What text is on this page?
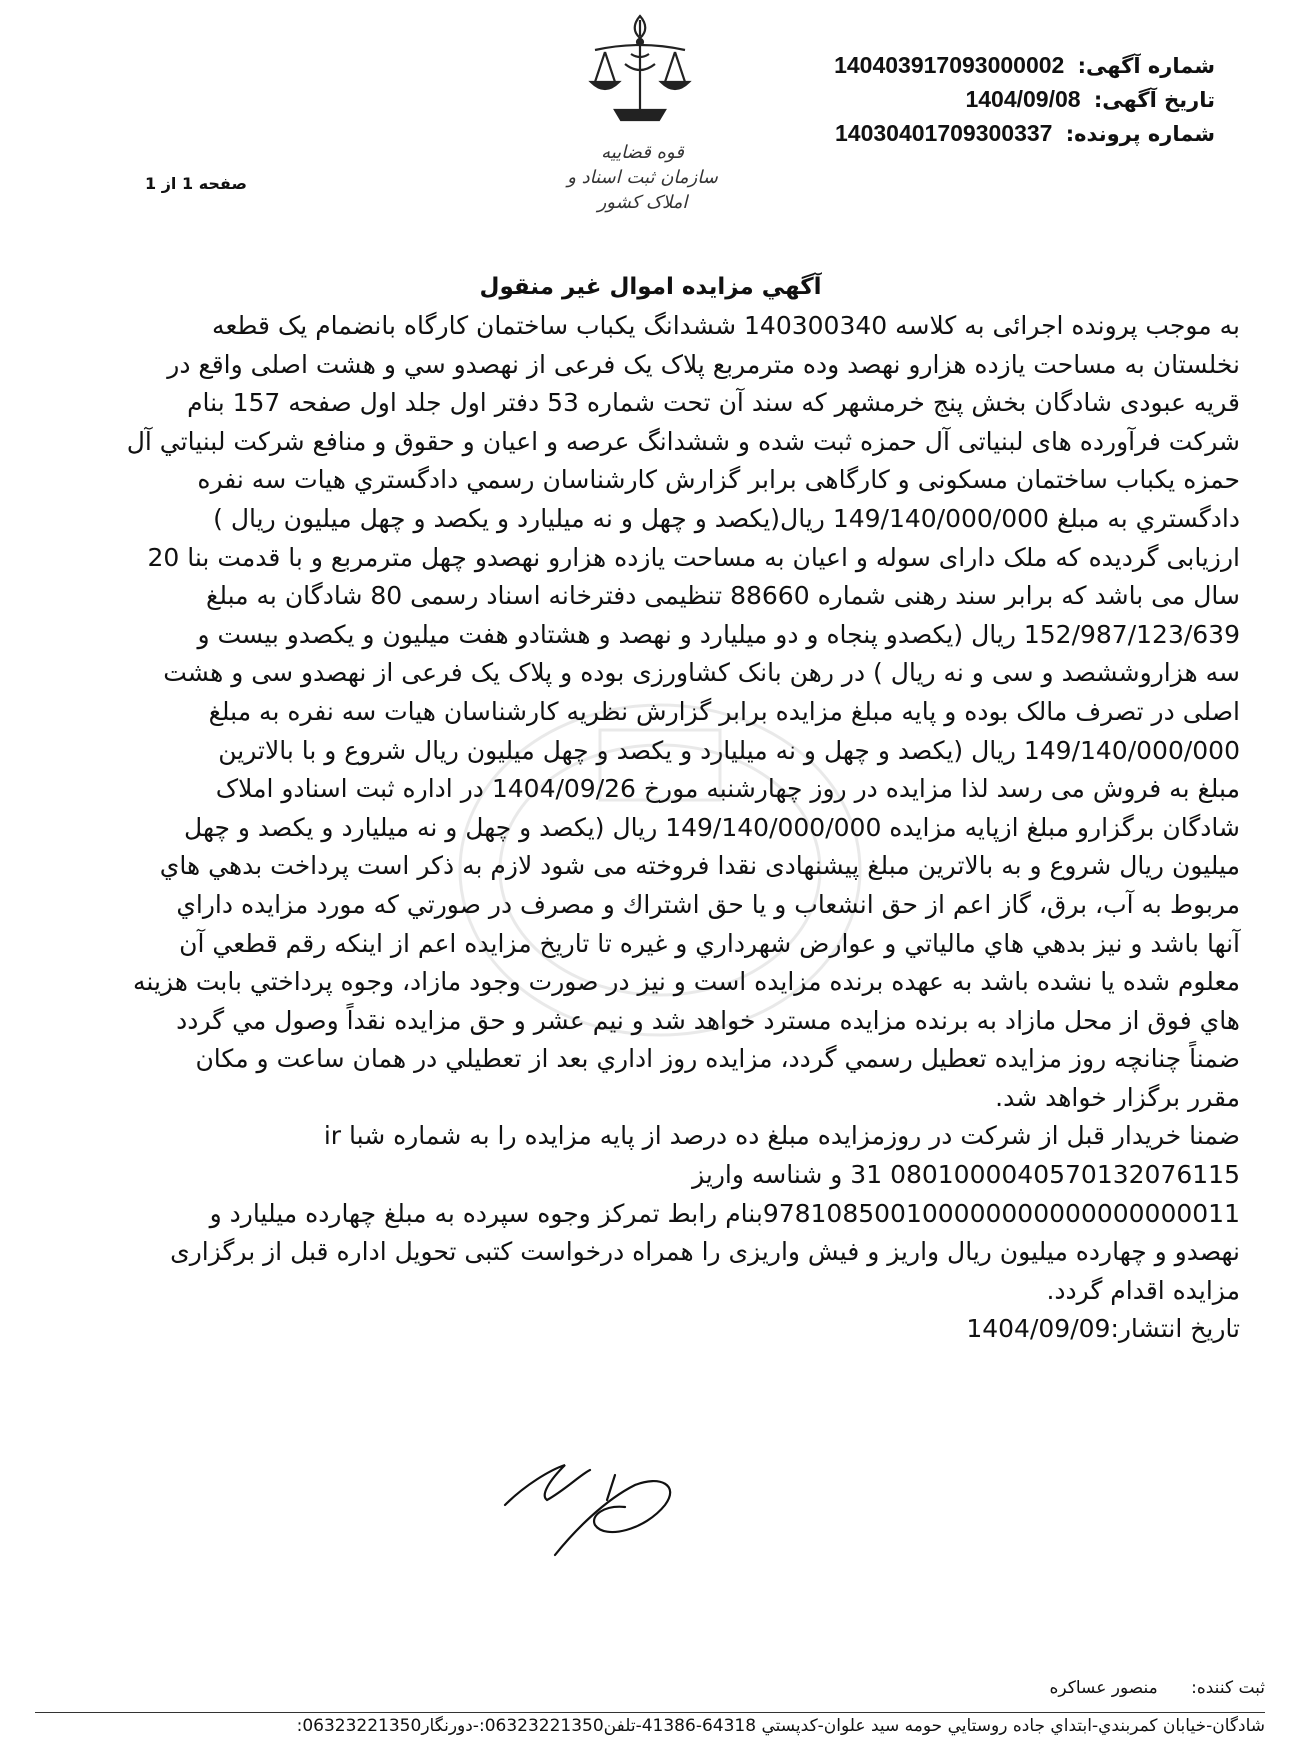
شماره آگهی: 140403917093000002
تاریخ آگهی: 1404/09/08
شماره پرونده: 14030401709300337
قوه قضاییه
سازمان ثبت اسناد و املاک کشور
صفحه 1 از 1
آگهي مزايده اموال غير منقول
به موجب پرونده اجرائی به کلاسه 140300340 ششدانگ یکباب ساختمان کارگاه بانضمام یک قطعه
نخلستان به مساحت یازده هزارو نهصد وده مترمربع پلاک یک فرعی از نهصدو سي و هشت اصلی واقع در
قریه عبودی شادگان بخش پنج خرمشهر که سند آن تحت شماره 53 دفتر اول جلد اول صفحه 157 بنام
شرکت فرآورده های لبنیاتی آل حمزه ثبت شده و ششدانگ عرصه و اعیان و حقوق و منافع شرکت لبنياتي آل
حمزه یکباب ساختمان مسکونی و کارگاهی برابر گزارش کارشناسان رسمي دادگستري هيات سه نفره
دادگستري به مبلغ 149/140/000/000 ريال(یکصد و چهل و نه میلیارد و یکصد و چهل میلیون ریال )
ارزیابی گردیده که ملک دارای سوله و اعیان به مساحت یازده هزارو نهصدو چهل مترمربع و با قدمت بنا 20
سال می باشد که برابر سند رهنی شماره 88660 تنظیمی دفترخانه اسناد رسمی 80 شادگان به مبلغ
152/987/123/639 ریال (یکصدو پنجاه و دو میلیارد و نهصد و هشتادو هفت میلیون و یکصدو بیست و
سه هزاروششصد و سی و نه ریال ) در رهن بانک کشاورزی بوده و پلاک یک فرعی از نهصدو سی و هشت
اصلی در تصرف مالک بوده و پایه مبلغ مزایده برابر گزارش نظریه کارشناسان هیات سه نفره به مبلغ
149/140/000/000 ریال (یکصد و چهل و نه میلیارد و یکصد و چهل میلیون ریال شروع و با بالاترین
مبلغ به فروش می رسد لذا مزایده در روز چهارشنبه مورخ 1404/09/26 در اداره ثبت اسنادو املاک
شادگان برگزارو مبلغ ازپايه مزايده 149/140/000/000 ريال (یکصد و چهل و نه میلیارد و یکصد و چهل
میلیون ریال شروع و به بالاترین مبلغ پیشنهادی نقدا فروخته می شود لازم به ذکر است پرداخت بدهي هاي
مربوط به آب، برق، گاز اعم از حق انشعاب و يا حق اشتراك و مصرف در صورتي كه مورد مزايده داراي
آنها باشد و نيز بدهي هاي مالياتي و عوارض شهرداري و غيره تا تاريخ مزايده اعم از اينكه رقم قطعي آن
معلوم شده يا نشده باشد به عهده برنده مزايده است و نيز در صورت وجود مازاد، وجوه پرداختي بابت هزينه
هاي فوق از محل مازاد به برنده مزايده مسترد خواهد شد و نيم عشر و حق مزايده نقداً وصول مي گردد
ضمناً چنانچه روز مزايده تعطيل رسمي گردد، مزايده روز اداري بعد از تعطيلي در همان ساعت و مكان
مقرر برگزار خواهد شد.
ضمنا خریدار قبل از شرکت در روزمزایده مبلغ ده درصد از پایه مزایده را به شماره شبا ir
0801000040570132076115 31 و شناسه واريز
978108500100000000000000000011بنام رابط تمرکز وجوه سپرده به مبلغ چهارده میلیارد و
نهصدو و چهارده میلیون ریال واریز و فیش واریزی را همراه درخواست کتبی تحویل اداره قبل از برگزاری
مزایده اقدام گردد.
تاریخ انتشار:1404/09/09
ثبت کننده: منصور عساكره
شادگان-خيابان كمربندي-ابتداي جاده روستايي حومه سيد علوان-كدپستي 64318-41386-تلفن06323221350:-دورنگار06323221350:
